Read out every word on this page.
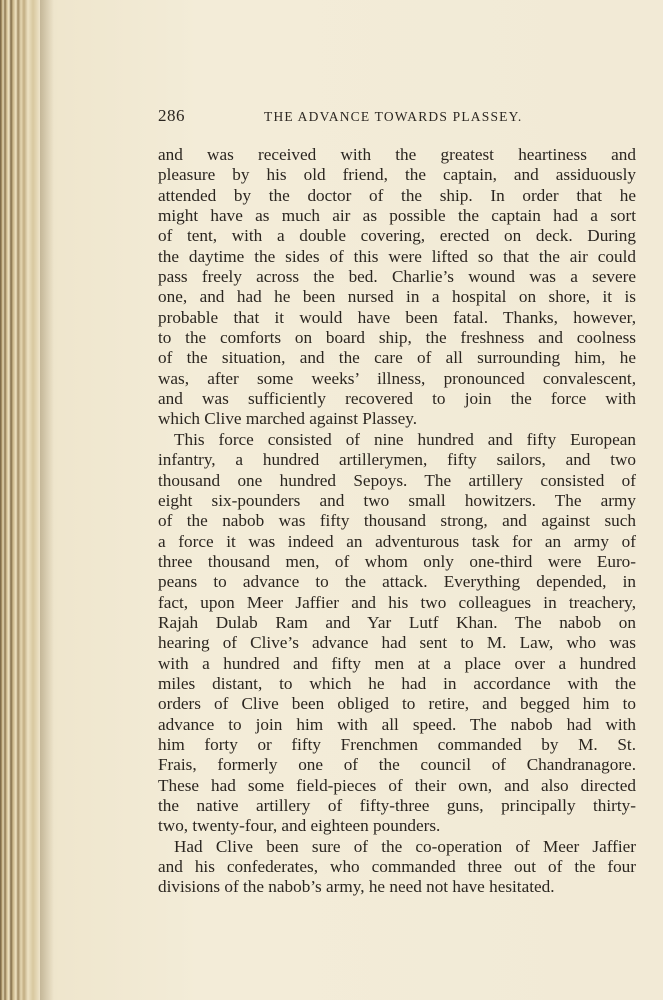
286	THE ADVANCE TOWARDS PLASSEY.
and was received with the greatest heartiness and
pleasure by his old friend, the captain, and assiduously
attended by the doctor of the ship. In order that he
might have as much air as possible the captain had a sort
of tent, with a double covering, erected on deck. During
the daytime the sides of this were lifted so that the air could
pass freely across the bed. Charlie’s wound was a severe
one, and had he been nursed in a hospital on shore, it is
probable that it would have been fatal. Thanks, however,
to the comforts on board ship, the freshness and coolness
of the situation, and the care of all surrounding him, he
was, after some weeks’ illness, pronounced convalescent,
and was sufficiently recovered to join the force with
which Clive marched against Plassey.
This force consisted of nine hundred and fifty European
infantry, a hundred artillerymen, fifty sailors, and two
thousand one hundred Sepoys. The artillery consisted of
eight six-pounders and two small howitzers. The army
of the nabob was fifty thousand strong, and against such
a force it was indeed an adventurous task for an army of
three thousand men, of whom only one-third were Euro-
peans to advance to the attack. Everything depended, in
fact, upon Meer Jaffier and his two colleagues in treachery,
Rajah Dulab Ram and Yar Lutf Khan. The nabob on
hearing of Clive’s advance had sent to M. Law, who was
with a hundred and fifty men at a place over a hundred
miles distant, to which he had in accordance with the
orders of Clive been obliged to retire, and begged him to
advance to join him with all speed. The nabob had with
him forty or fifty Frenchmen commanded by M. St.
Frais, formerly one of the council of Chandranagore.
These had some field-pieces of their own, and also directed
the native artillery of fifty-three guns, principally thirty-
two, twenty-four, and eighteen pounders.
Had Clive been sure of the co-operation of Meer Jaffier
and his confederates, who commanded three out of the four
divisions of the nabob’s army, he need not have hesitated.
